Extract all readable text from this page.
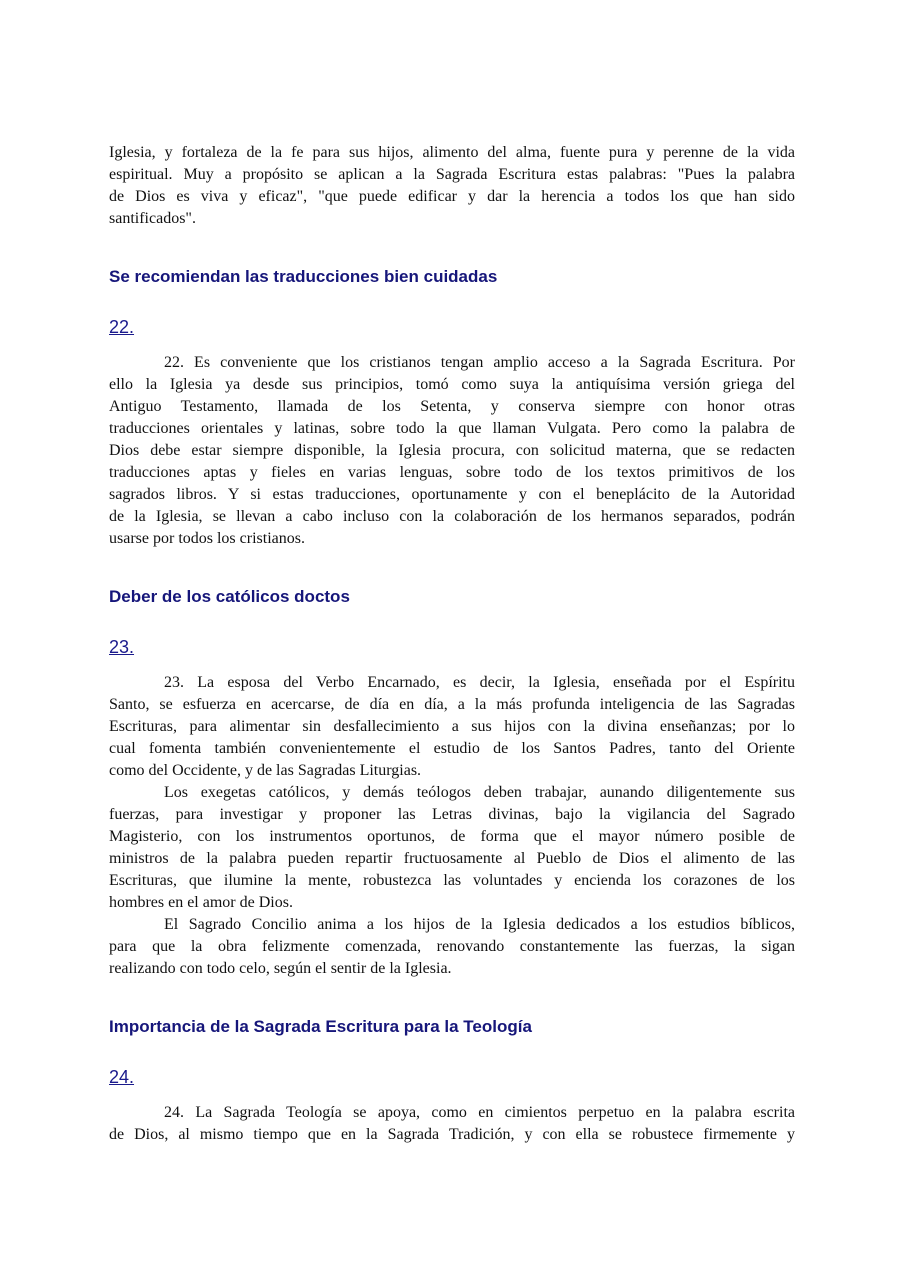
Iglesia, y fortaleza de la fe para sus hijos, alimento del alma, fuente pura y perenne de la vida
espiritual. Muy a propósito se aplican a la Sagrada Escritura estas palabras: "Pues la palabra
de Dios es viva y eficaz", "que puede edificar y dar la herencia a todos los que han sido
santificados".
Se recomiendan las traducciones bien cuidadas
22.
22. Es conveniente que los cristianos tengan amplio acceso a la Sagrada Escritura. Por
ello la Iglesia ya desde sus principios, tomó como suya la antiquísima versión griega del
Antiguo Testamento, llamada de los Setenta, y conserva siempre con honor otras
traducciones orientales y latinas, sobre todo la que llaman Vulgata. Pero como la palabra de
Dios debe estar siempre disponible, la Iglesia procura, con solicitud materna, que se redacten
traducciones aptas y fieles en varias lenguas, sobre todo de los textos primitivos de los
sagrados libros. Y si estas traducciones, oportunamente y con el beneplácito de la Autoridad
de la Iglesia, se llevan a cabo incluso con la colaboración de los hermanos separados, podrán
usarse por todos los cristianos.
Deber de los católicos doctos
23.
23. La esposa del Verbo Encarnado, es decir, la Iglesia, enseñada por el Espíritu
Santo, se esfuerza en acercarse, de día en día, a la más profunda inteligencia de las Sagradas
Escrituras, para alimentar sin desfallecimiento a sus hijos con la divina enseñanzas; por lo
cual fomenta también convenientemente el estudio de los Santos Padres, tanto del Oriente
como del Occidente, y de las Sagradas Liturgias.
Los exegetas católicos, y demás teólogos deben trabajar, aunando diligentemente sus
fuerzas, para investigar y proponer las Letras divinas, bajo la vigilancia del Sagrado
Magisterio, con los instrumentos oportunos, de forma que el mayor número posible de
ministros de la palabra pueden repartir fructuosamente al Pueblo de Dios el alimento de las
Escrituras, que ilumine la mente, robustezca las voluntades y encienda los corazones de los
hombres en el amor de Dios.
El Sagrado Concilio anima a los hijos de la Iglesia dedicados a los estudios bíblicos,
para que la obra felizmente comenzada, renovando constantemente las fuerzas, la sigan
realizando con todo celo, según el sentir de la Iglesia.
Importancia de la Sagrada Escritura para la Teología
24.
24. La Sagrada Teología se apoya, como en cimientos perpetuo en la palabra escrita
de Dios, al mismo tiempo que en la Sagrada Tradición, y con ella se robustece firmemente y
